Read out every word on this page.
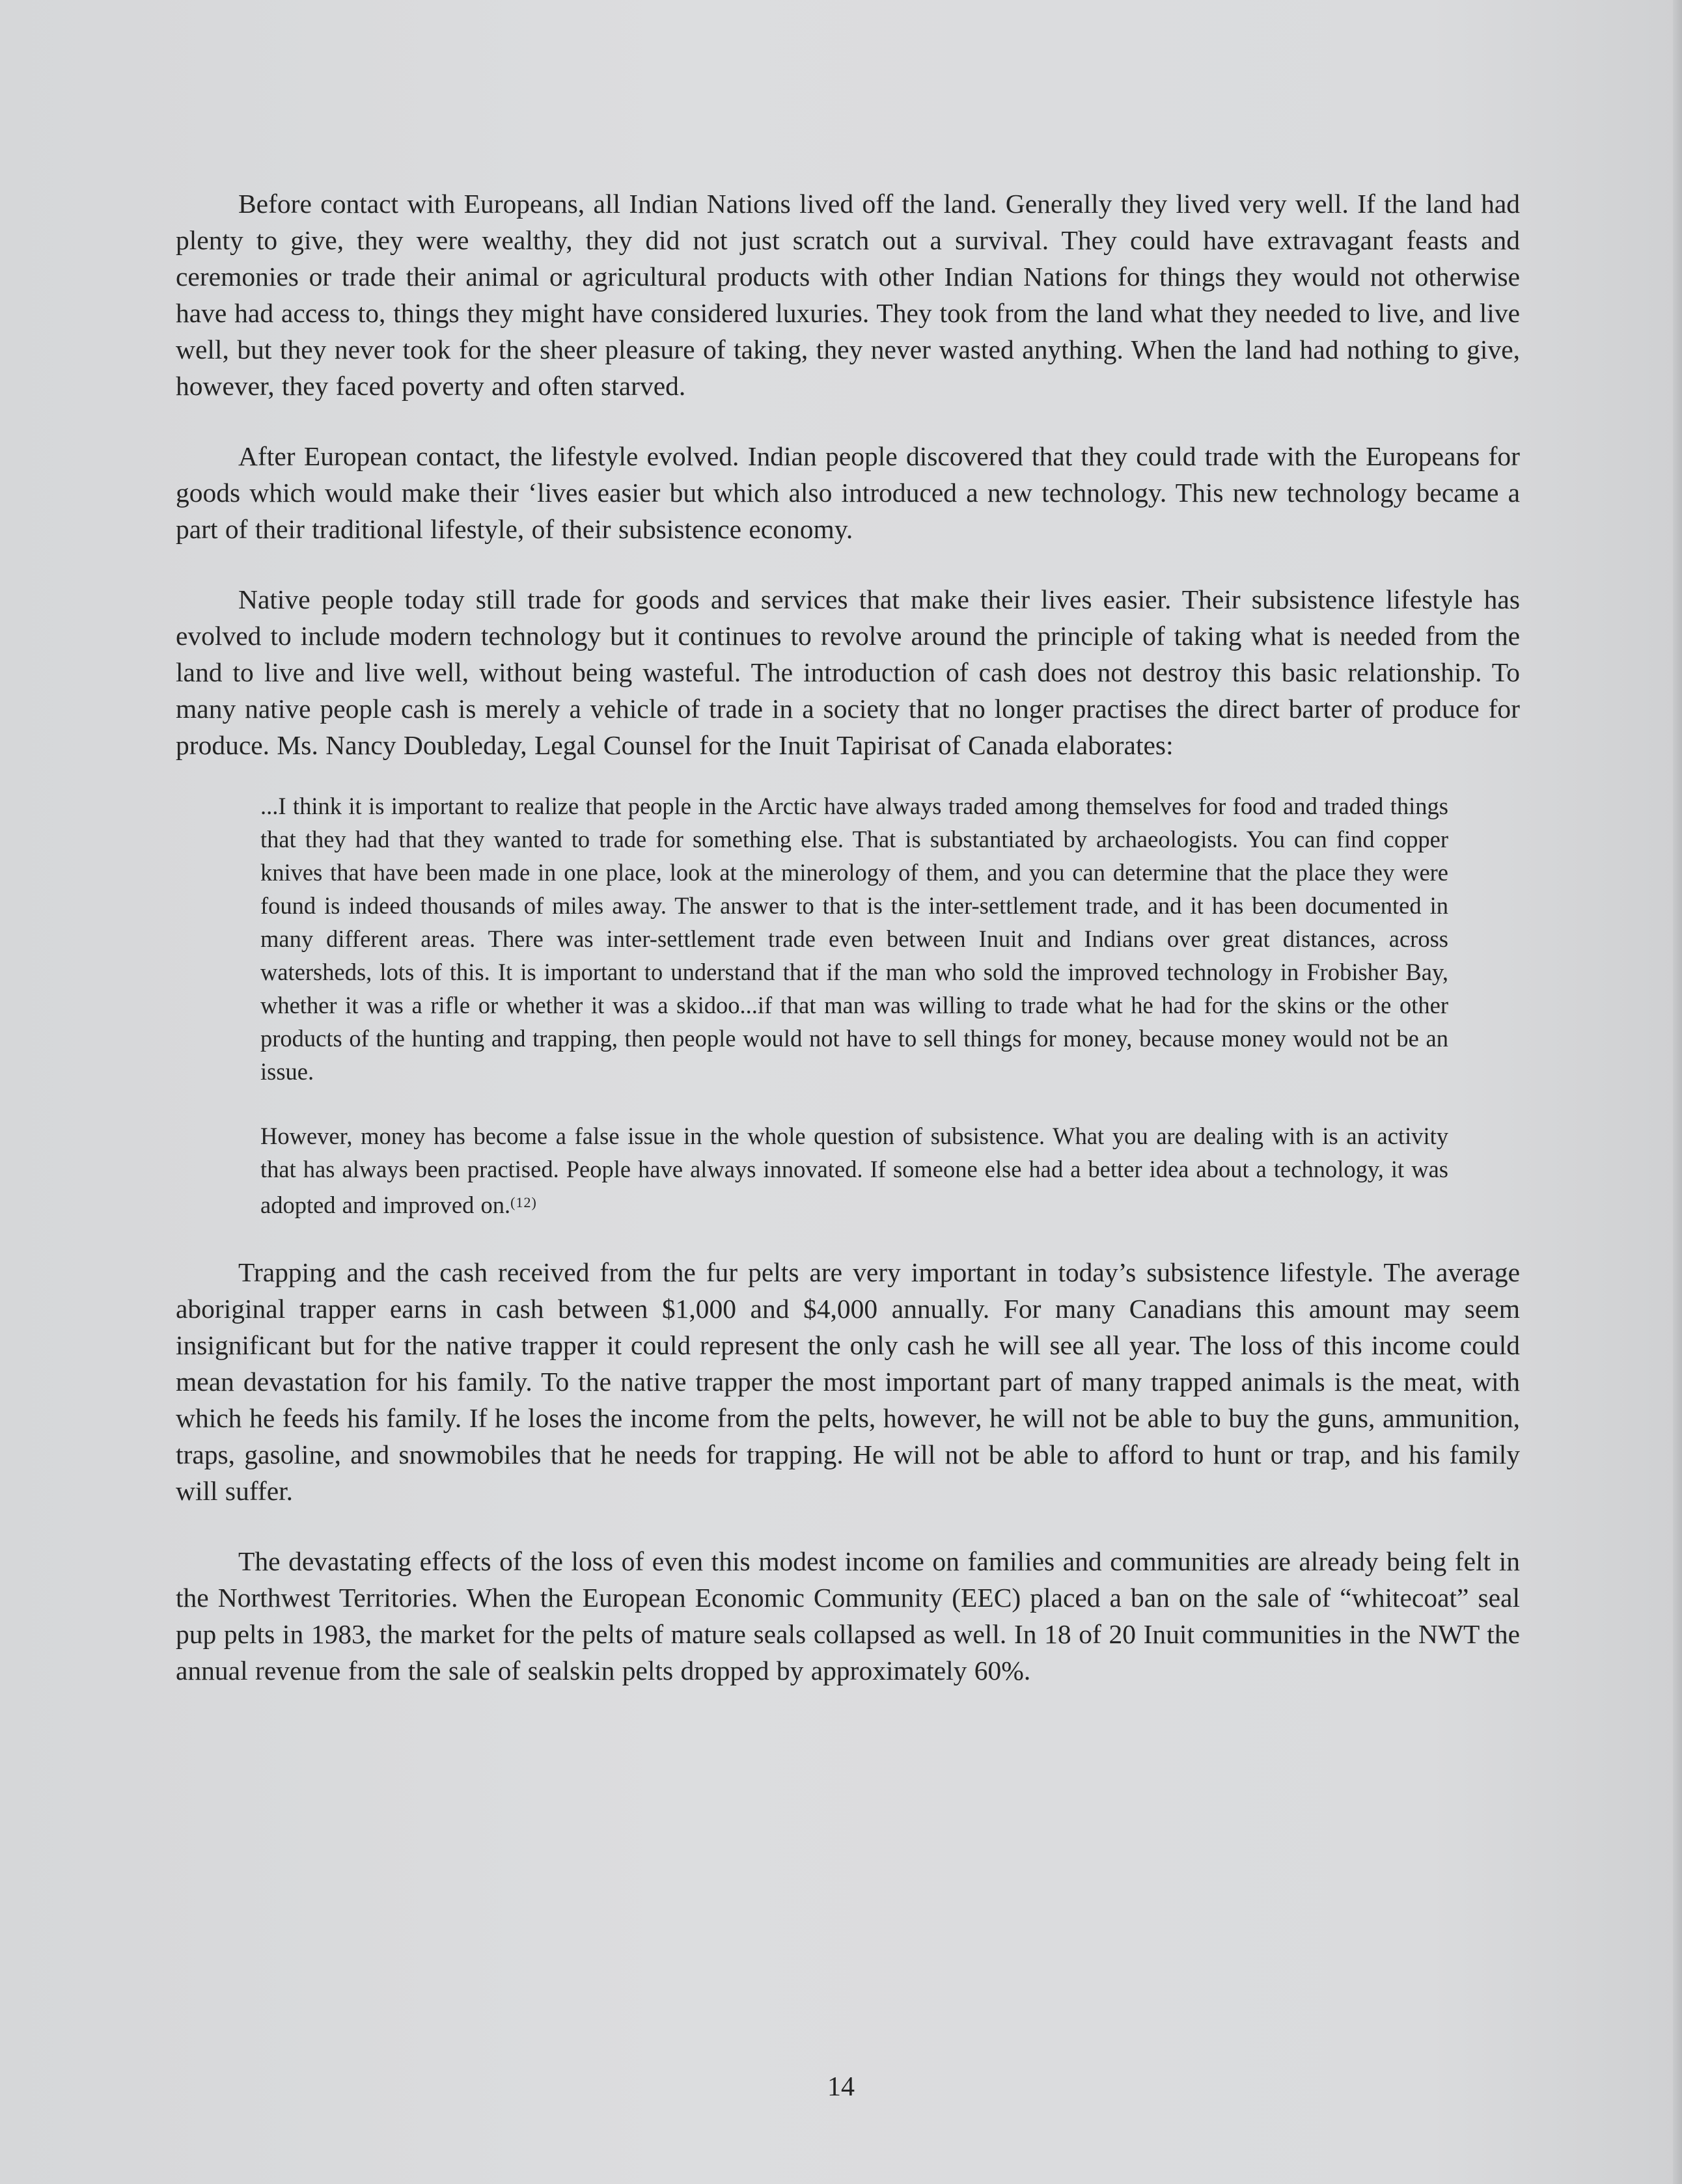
Before contact with Europeans, all Indian Nations lived off the land. Generally they lived very well. If the land had plenty to give, they were wealthy, they did not just scratch out a survival. They could have extravagant feasts and ceremonies or trade their animal or agricultural products with other Indian Nations for things they would not otherwise have had access to, things they might have considered luxuries. They took from the land what they needed to live, and live well, but they never took for the sheer pleasure of taking, they never wasted anything. When the land had nothing to give, however, they faced poverty and often starved.

After European contact, the lifestyle evolved. Indian people discovered that they could trade with the Europeans for goods which would make their ‘lives easier but which also introduced a new technology. This new technology became a part of their traditional lifestyle, of their subsistence economy.

Native people today still trade for goods and services that make their lives easier. Their subsistence lifestyle has evolved to include modern technology but it continues to revolve around the principle of taking what is needed from the land to live and live well, without being wasteful. The introduction of cash does not destroy this basic relationship. To many native people cash is merely a vehicle of trade in a society that no longer practises the direct barter of produce for produce. Ms. Nancy Doubleday, Legal Counsel for the Inuit Tapirisat of Canada elaborates:

...I think it is important to realize that people in the Arctic have always traded among themselves for food and traded things that they had that they wanted to trade for something else. That is substantiated by archaeologists. You can find copper knives that have been made in one place, look at the minerology of them, and you can determine that the place they were found is indeed thousands of miles away. The answer to that is the inter-settlement trade, and it has been documented in many different areas. There was inter-settlement trade even between Inuit and Indians over great distances, across watersheds, lots of this. It is important to understand that if the man who sold the improved technology in Frobisher Bay, whether it was a rifle or whether it was a skidoo...if that man was willing to trade what he had for the skins or the other products of the hunting and trapping, then people would not have to sell things for money, because money would not be an issue.

However, money has become a false issue in the whole question of subsistence. What you are dealing with is an activity that has always been practised. People have always innovated. If someone else had a better idea about a technology, it was adopted and improved on.$^{(12)}$

Trapping and the cash received from the fur pelts are very important in today’s subsistence lifestyle. The average aboriginal trapper earns in cash between $1,000 and $4,000 annually. For many Canadians this amount may seem insignificant but for the native trapper it could represent the only cash he will see all year. The loss of this income could mean devastation for his family. To the native trapper the most important part of many trapped animals is the meat, with which he feeds his family. If he loses the income from the pelts, however, he will not be able to buy the guns, ammunition, traps, gasoline, and snowmobiles that he needs for trapping. He will not be able to afford to hunt or trap, and his family will suffer.

The devastating effects of the loss of even this modest income on families and communities are already being felt in the Northwest Territories. When the European Economic Community (EEC) placed a ban on the sale of “whitecoat” seal pup pelts in 1983, the market for the pelts of mature seals collapsed as well. In 18 of 20 Inuit communities in the NWT the annual revenue from the sale of sealskin pelts dropped by approximately 60%.

14
